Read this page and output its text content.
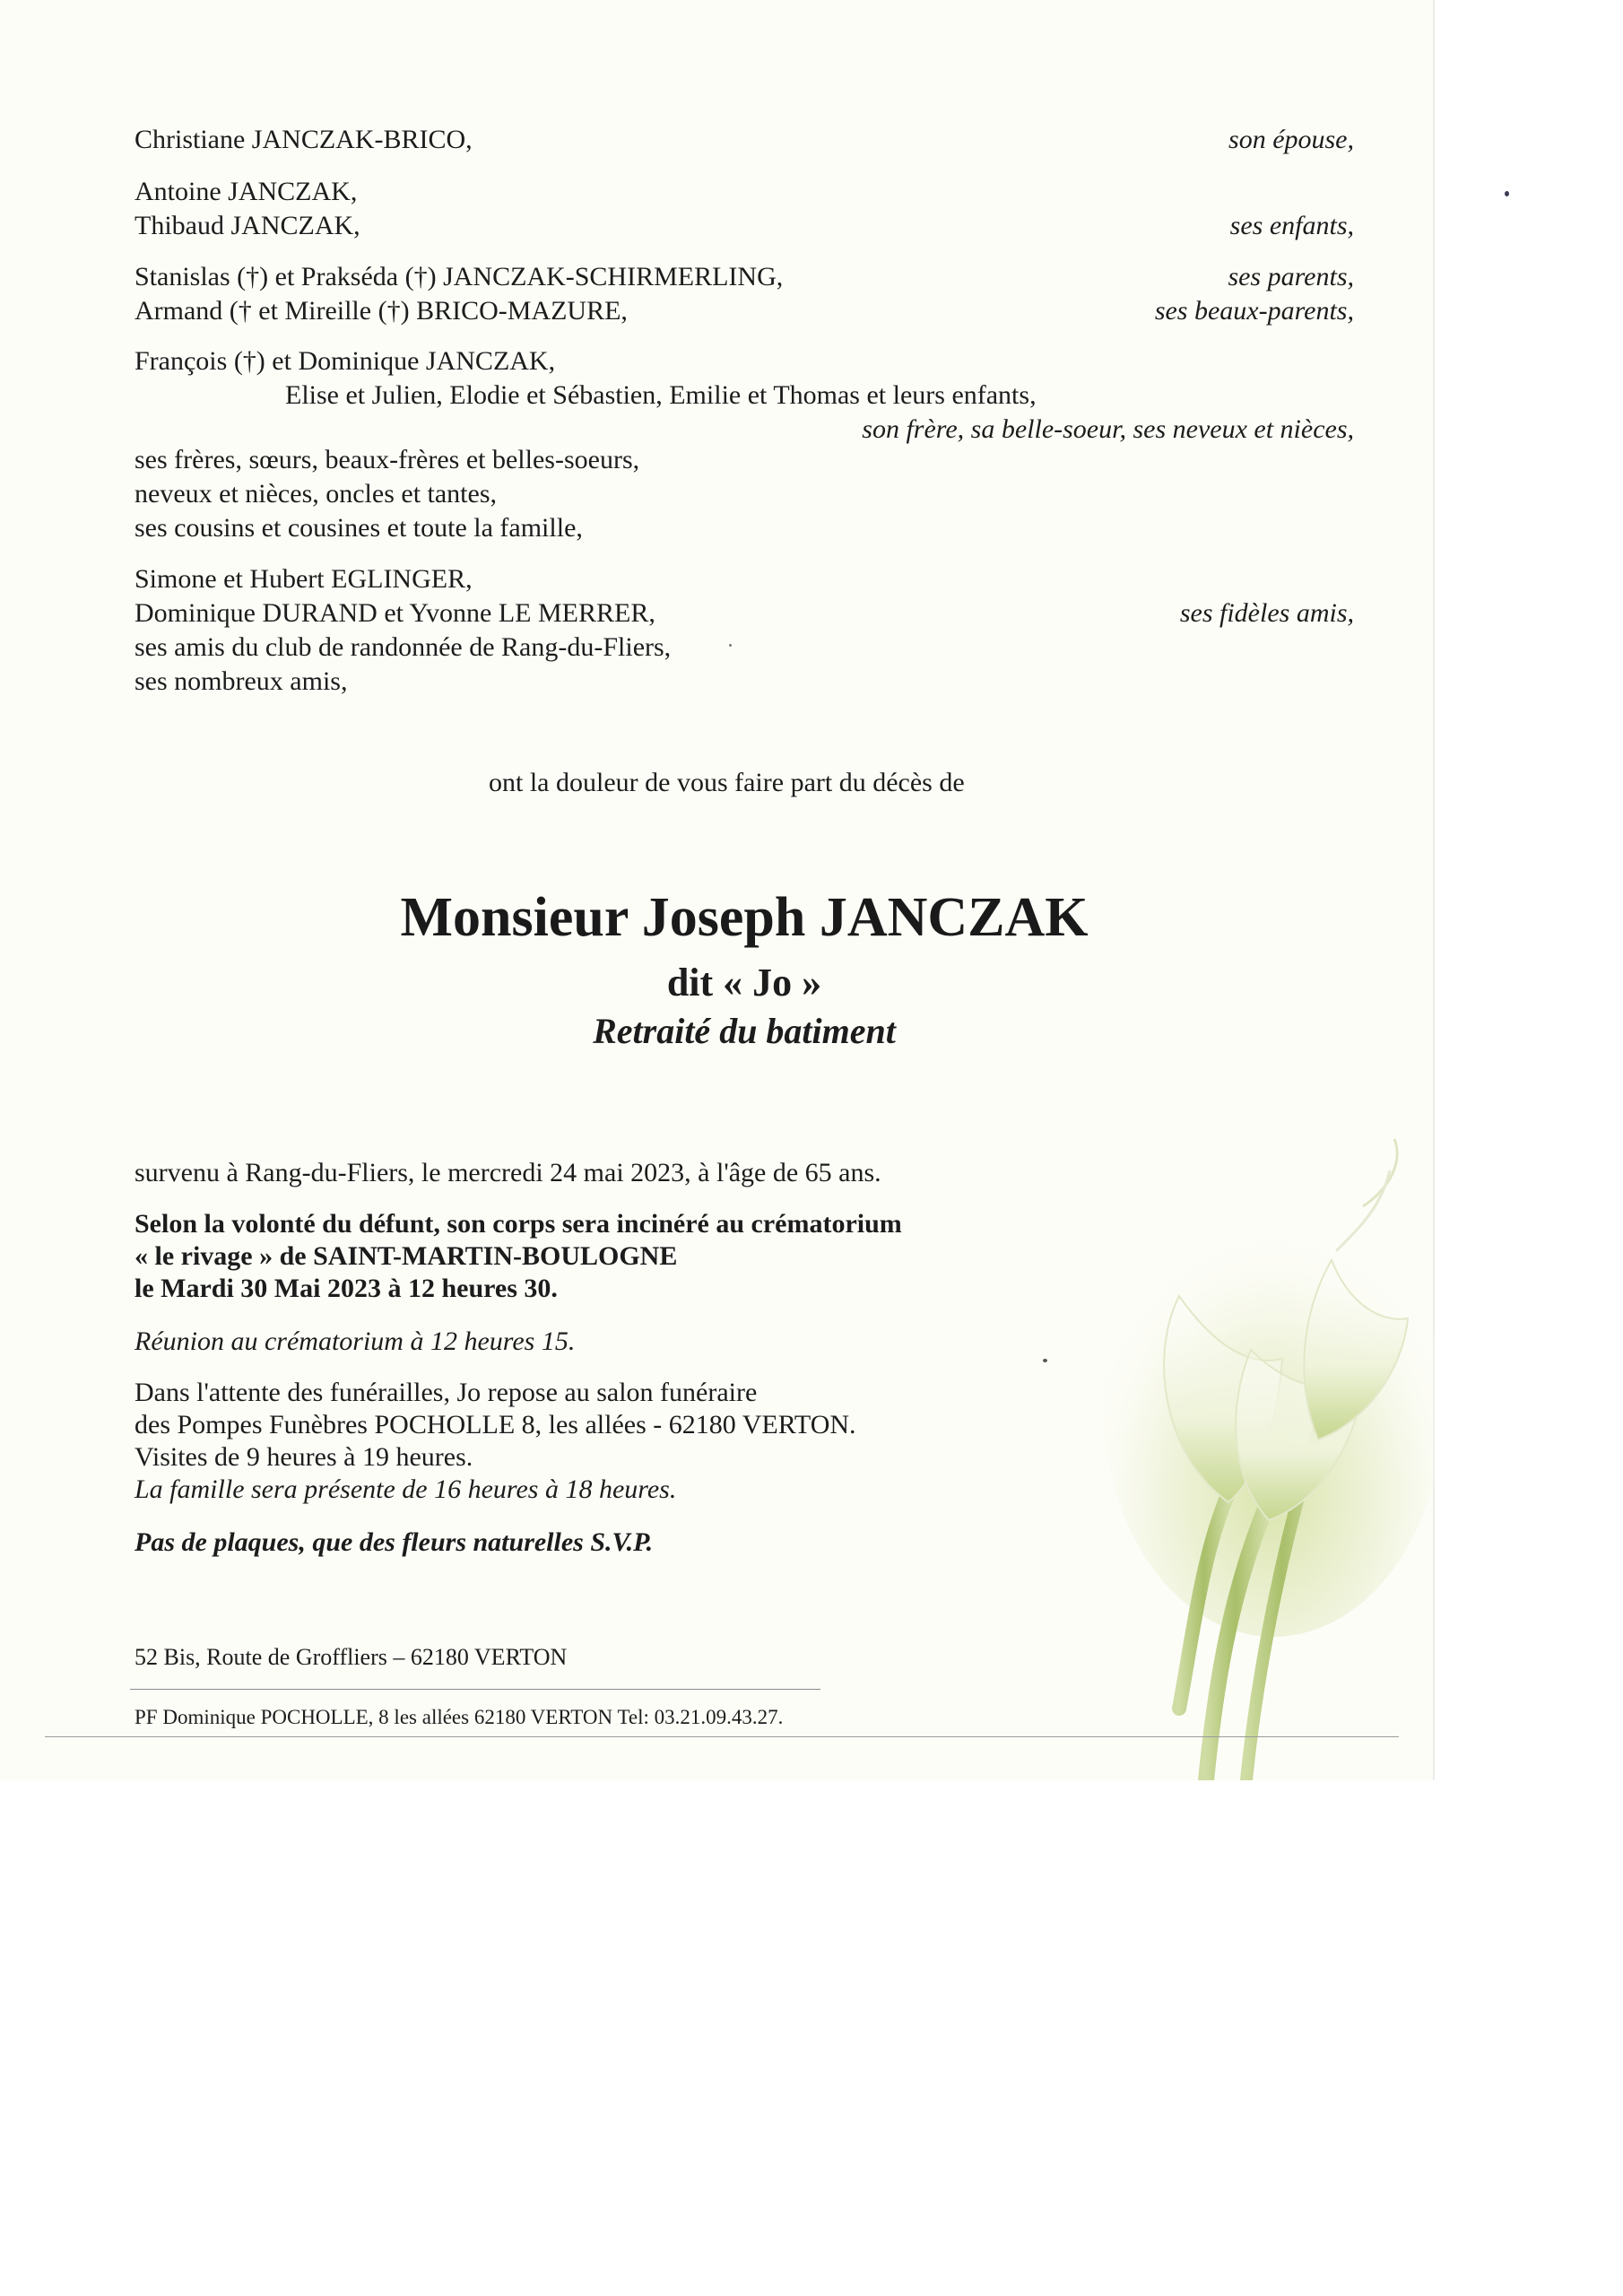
Christiane JANCZAK-BRICO,	son épouse,
Antoine JANCZAK,
Thibaud JANCZAK,	ses enfants,
Stanislas (†) et Prakséda (†) JANCZAK-SCHIRMERLING,	ses parents,
Armand († et Mireille (†) BRICO-MAZURE,	ses beaux-parents,
François (†) et Dominique JANCZAK,
Elise et Julien, Elodie et Sébastien, Emilie et Thomas et leurs enfants,
son frère, sa belle-soeur, ses neveux et nièces,
ses frères, sœurs, beaux-frères et belles-soeurs,
neveux et nièces, oncles et tantes,
ses cousins et cousines et toute la famille,
Simone et Hubert EGLINGER,
Dominique DURAND et Yvonne LE MERRER,	ses fidèles amis,
ses amis du club de randonnée de Rang-du-Fliers,
ses nombreux amis,
ont la douleur de vous faire part du décès de
Monsieur Joseph JANCZAK
dit « Jo »
Retraité du batiment
survenu à Rang-du-Fliers, le mercredi 24 mai 2023, à l'âge de 65 ans.
Selon la volonté du défunt, son corps sera incinéré au crématorium
« le rivage » de SAINT-MARTIN-BOULOGNE
le Mardi 30 Mai 2023 à 12 heures 30.
Réunion au crématorium à 12 heures 15.
Dans l'attente des funérailles, Jo repose au salon funéraire
des Pompes Funèbres POCHOLLE 8, les allées - 62180 VERTON.
Visites de 9 heures à 19 heures.
La famille sera présente de 16 heures à 18 heures.
Pas de plaques, que des fleurs naturelles S.V.P.
52 Bis, Route de Groffliers – 62180 VERTON
PF Dominique POCHOLLE, 8 les allées 62180 VERTON Tel: 03.21.09.43.27.
